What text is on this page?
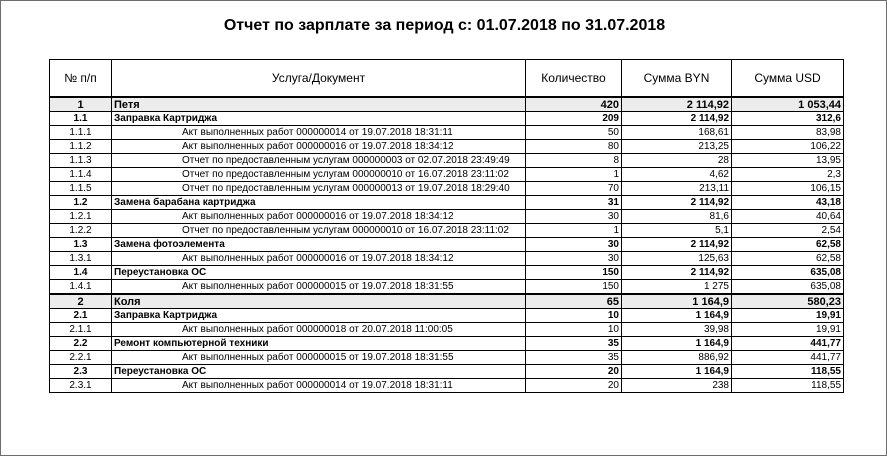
Отчет по зарплате за период с: 01.07.2018 по 31.07.2018
№ п/п	Услуга/Документ	Количество	Сумма BYN	Сумма USD
1	Петя	420	2 114,92	1 053,44
1.1	Заправка Картриджа	209	2 114,92	312,6
1.1.1	Акт выполненных работ 000000014 от 19.07.2018 18:31:11	50	168,61	83,98
1.1.2	Акт выполненных работ 000000016 от 19.07.2018 18:34:12	80	213,25	106,22
1.1.3	Отчет по предоставленным услугам 000000003 от 02.07.2018 23:49:49	8	28	13,95
1.1.4	Отчет по предоставленным услугам 000000010 от 16.07.2018 23:11:02	1	4,62	2,3
1.1.5	Отчет по предоставленным услугам 000000013 от 19.07.2018 18:29:40	70	213,11	106,15
1.2	Замена барабана картриджа	31	2 114,92	43,18
1.2.1	Акт выполненных работ 000000016 от 19.07.2018 18:34:12	30	81,6	40,64
1.2.2	Отчет по предоставленным услугам 000000010 от 16.07.2018 23:11:02	1	5,1	2,54
1.3	Замена фотоэлемента	30	2 114,92	62,58
1.3.1	Акт выполненных работ 000000016 от 19.07.2018 18:34:12	30	125,63	62,58
1.4	Переустановка ОС	150	2 114,92	635,08
1.4.1	Акт выполненных работ 000000015 от 19.07.2018 18:31:55	150	1 275	635,08
2	Коля	65	1 164,9	580,23
2.1	Заправка Картриджа	10	1 164,9	19,91
2.1.1	Акт выполненных работ 000000018 от 20.07.2018 11:00:05	10	39,98	19,91
2.2	Ремонт компьютерной техники	35	1 164,9	441,77
2.2.1	Акт выполненных работ 000000015 от 19.07.2018 18:31:55	35	886,92	441,77
2.3	Переустановка ОС	20	1 164,9	118,55
2.3.1	Акт выполненных работ 000000014 от 19.07.2018 18:31:11	20	238	118,55
